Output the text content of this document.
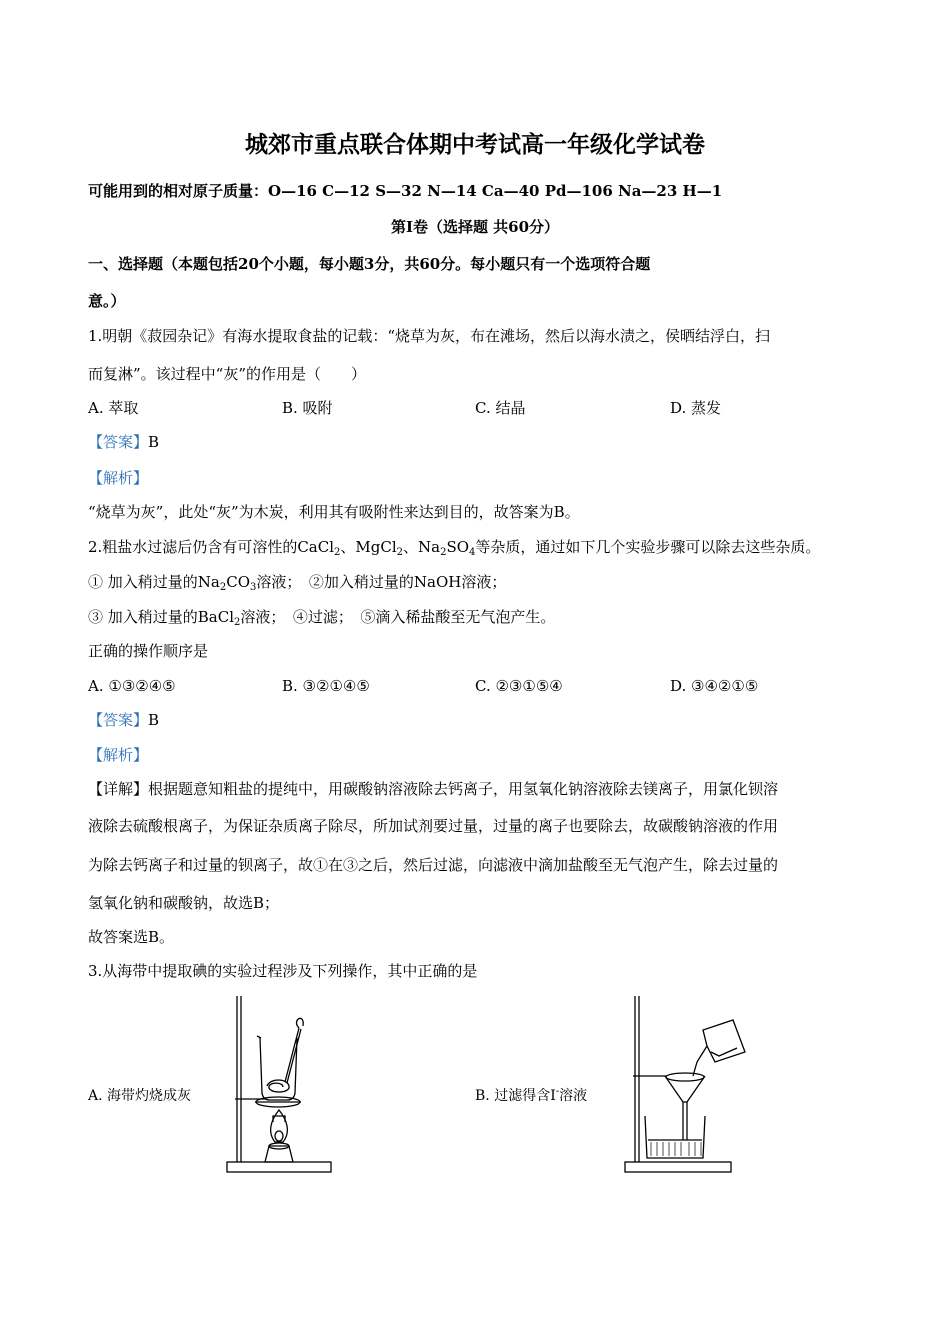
城郊市重点联合体期中考试高一年级化学试卷
可能用到的相对原子质量：O—16 C—12 S—32 N—14 Ca—40 Pd—106 Na—23 H—1
第Ⅰ卷（选择题 共60分）
一、选择题（本题包括20个小题，每小题3分，共60分。每小题只有一个选项符合题
意。）
1.明朝《菽园杂记》有海水提取食盐的记载：“烧草为灰，布在滩场，然后以海水渍之，侯晒结浮白，扫
而复淋”。该过程中“灰”的作用是（　　）
A. 萃取	B. 吸附	C. 结晶	D. 蒸发
【答案】B
【解析】
“烧草为灰”，此处“灰”为木炭，利用其有吸附性来达到目的，故答案为B。
2.粗盐水过滤后仍含有可溶性的CaCl$_2$、MgCl$_2$、$Na_2SO_4$等杂质，通过如下几个实验步骤可以除去这些杂质。
① 加入稍过量的$Na_2CO_3$溶液；　②加入稍过量的NaOH溶液；
③ 加入稍过量的BaCl$_2$溶液；　④过滤；　⑤滴入稀盐酸至无气泡产生。
正确的操作顺序是
A. ①③②④⑤	B. ③②①④⑤	C. ②③①⑤④	D. ③④②①⑤
【答案】B
【解析】
【详解】根据题意知粗盐的提纯中，用碳酸钠溶液除去钙离子，用氢氧化钠溶液除去镁离子，用氯化钡溶
液除去硫酸根离子，为保证杂质离子除尽，所加试剂要过量，过量的离子也要除去，故碳酸钠溶液的作用
为除去钙离子和过量的钡离子，故①在③之后，然后过滤，向滤液中滴加盐酸至无气泡产生，除去过量的
氢氧化钠和碳酸钠，故选B；
故答案选B。
3.从海带中提取碘的实验过程涉及下列操作，其中正确的是
A. 海带灼烧成灰	B. 过滤得含I-溶液
